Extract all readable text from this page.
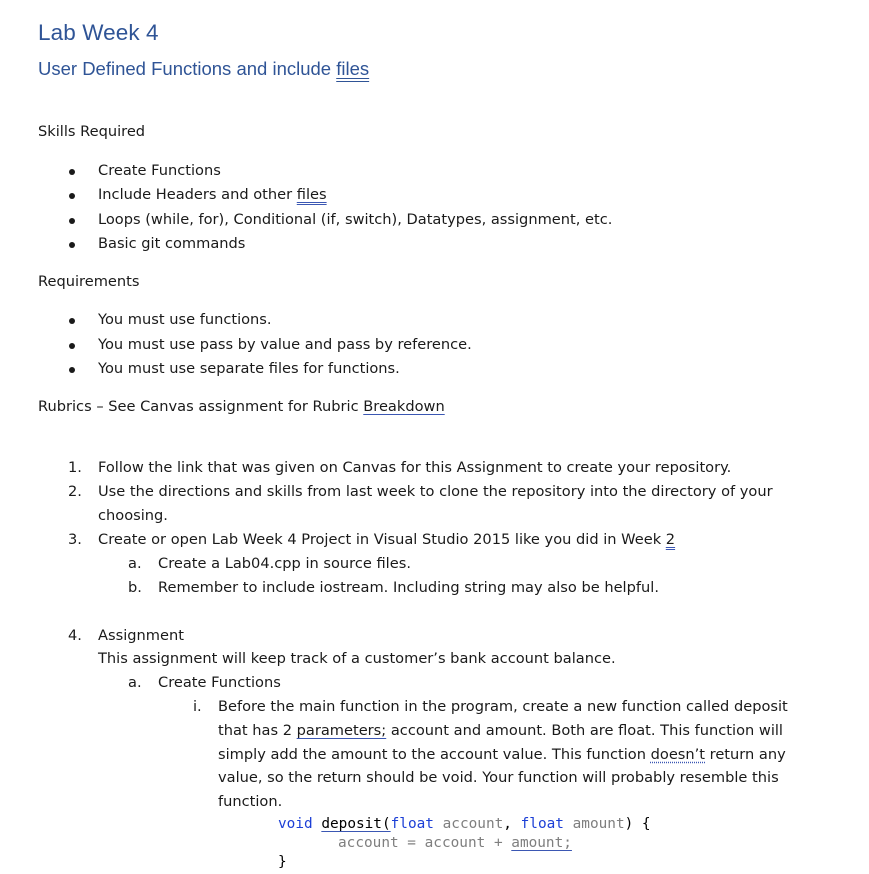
Lab Week 4
User Defined Functions and include files
Skills Required
Create Functions
Include Headers and other files
Loops (while, for), Conditional (if, switch), Datatypes, assignment, etc.
Basic git commands
Requirements
You must use functions.
You must use pass by value and pass by reference.
You must use separate files for functions.
Rubrics – See Canvas assignment for Rubric Breakdown
1. Follow the link that was given on Canvas for this Assignment to create your repository.
2. Use the directions and skills from last week to clone the repository into the directory of your
choosing.
3. Create or open Lab Week 4 Project in Visual Studio 2015 like you did in Week 2
a. Create a Lab04.cpp in source files.
b. Remember to include iostream. Including string may also be helpful.
4. Assignment
This assignment will keep track of a customer’s bank account balance.
a. Create Functions
i. Before the main function in the program, create a new function called deposit
that has 2 parameters; account and amount. Both are float. This function will
simply add the amount to the account value. This function doesn’t return any
value, so the return should be void. Your function will probably resemble this
function.
void deposit(float account, float amount) {
account = account + amount;
}
